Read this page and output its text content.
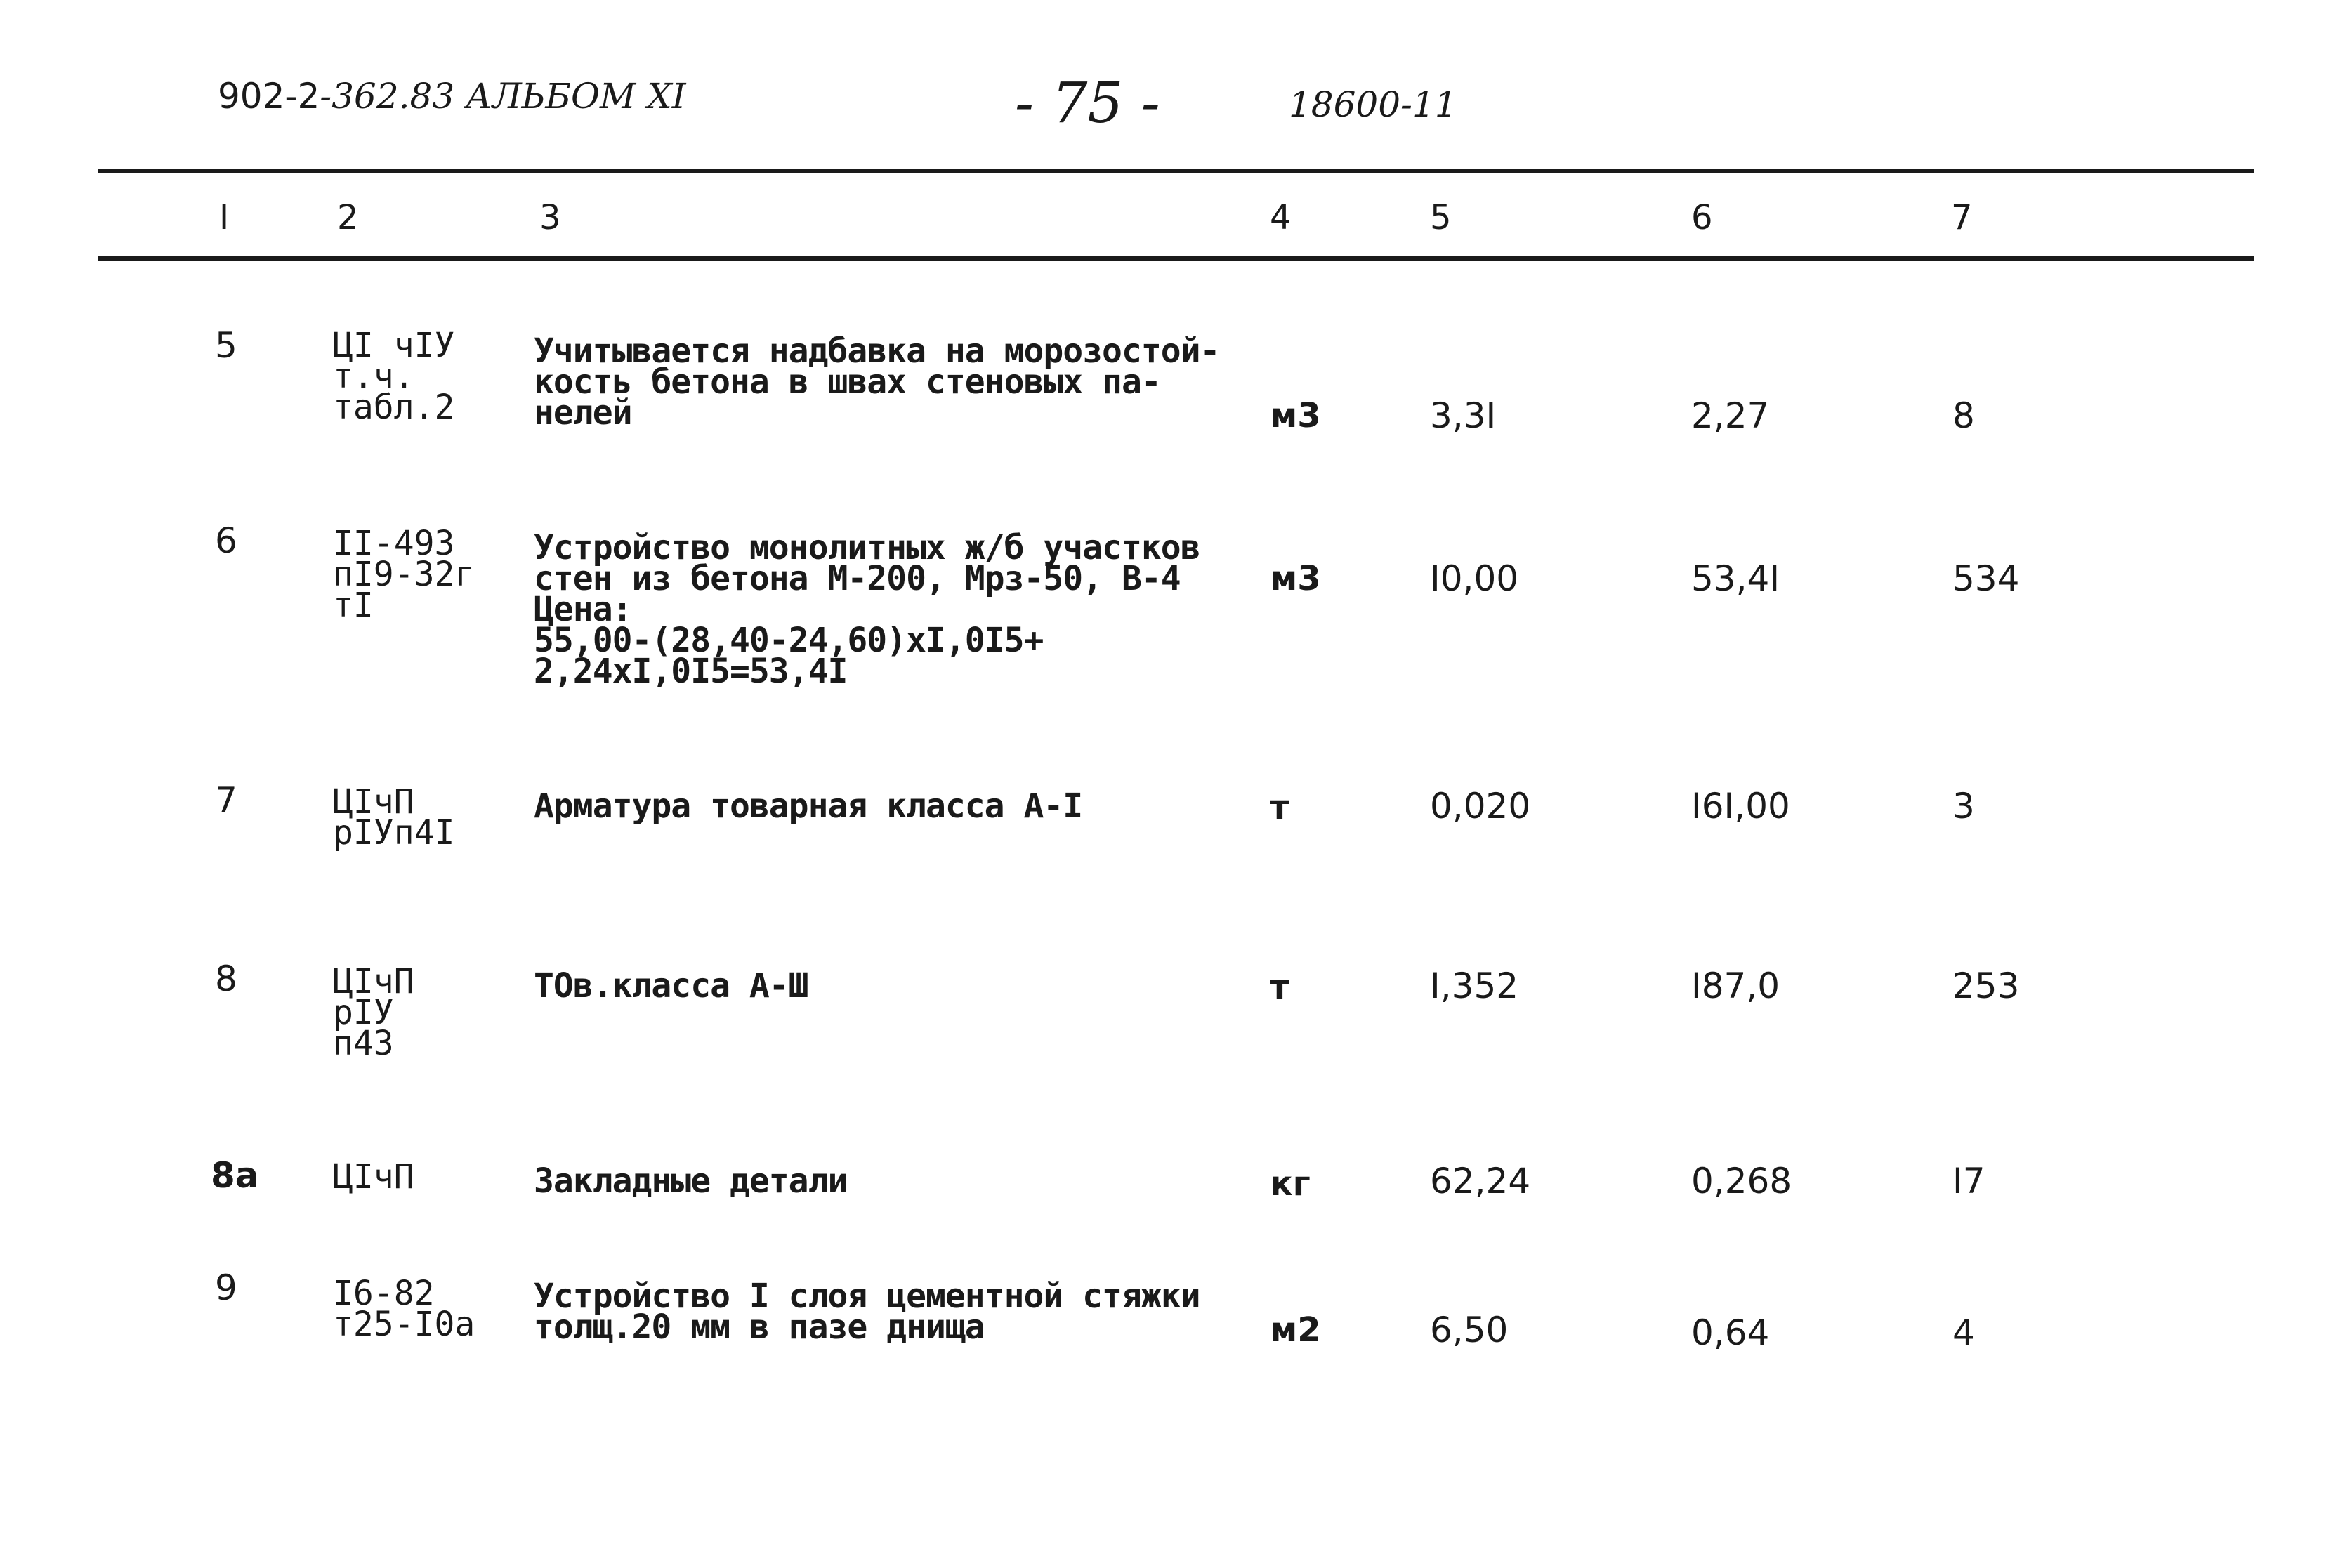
902-2-362.83 АЛЬБОМ XI	- 75 -	18600-11
I	2	3	4	5	6	7
5	ЦI чIУ
т.ч.
табл.2
Учитывается надбавка на морозостой-
кость бетона в швах стеновых па-
нелей	м3	3,3I	2,27	8
6	II-493
пI9-32г
тI
Устройство монолитных ж/б участков
стен из бетона М-200, Мрз-50, В-4
Цена:
55,00-(28,40-24,60)xI,0I5+
2,24xI,0I5=53,4I
м3	I0,00	53,4I	534
7	ЦIчП
рIУп4I
Арматура товарная класса А-I	т	0,020	I6I,00	3
8	ЦIчП
рIУ
п43
ТОв.класса А-Ш	т	I,352	I87,0	253
8а ЦIчП	Закладные детали	кг	62,24	0,268	I7
9	I6-82
т25-I0а
Устройство I слоя цементной стяжки
толщ.20 мм в пазе днища	м2	6,50	0,64	4
